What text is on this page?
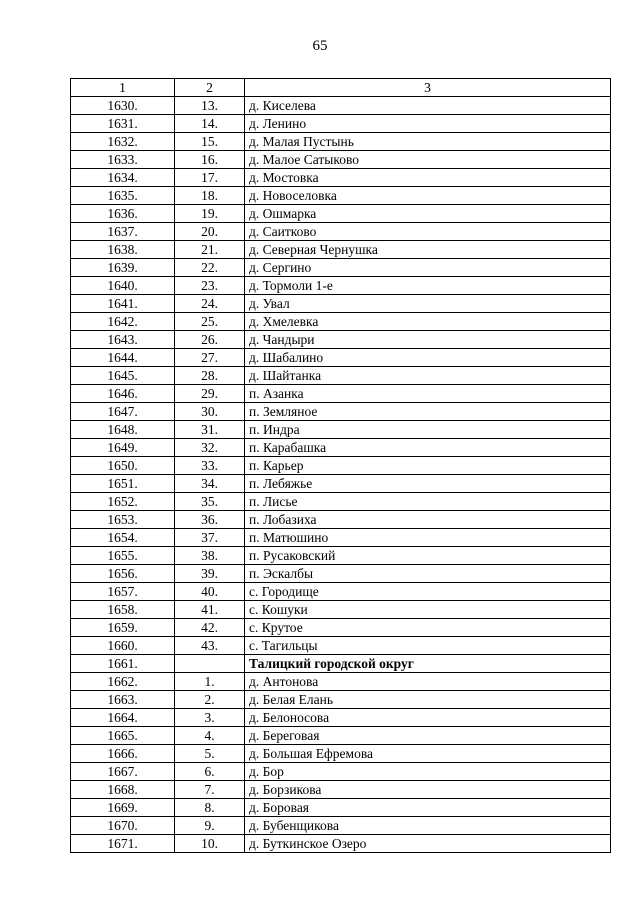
65
1	2	3
1630.	13.	д. Киселева
1631.	14.	д. Ленино
1632.	15.	д. Малая Пустынь
1633.	16.	д. Малое Сатыково
1634.	17.	д. Мостовка
1635.	18.	д. Новоселовка
1636.	19.	д. Ошмарка
1637.	20.	д. Саитково
1638.	21.	д. Северная Чернушка
1639.	22.	д. Сергино
1640.	23.	д. Тормоли 1-е
1641.	24.	д. Увал
1642.	25.	д. Хмелевка
1643.	26.	д. Чандыри
1644.	27.	д. Шабалино
1645.	28.	д. Шайтанка
1646.	29.	п. Азанка
1647.	30.	п. Земляное
1648.	31.	п. Индра
1649.	32.	п. Карабашка
1650.	33.	п. Карьер
1651.	34.	п. Лебяжье
1652.	35.	п. Лисье
1653.	36.	п. Лобазиха
1654.	37.	п. Матюшино
1655.	38.	п. Русаковский
1656.	39.	п. Эскалбы
1657.	40.	с. Городище
1658.	41.	с. Кошуки
1659.	42.	с. Крутое
1660.	43.	с. Тагильцы
1661.		Талицкий городской округ
1662.	1.	д. Антонова
1663.	2.	д. Белая Елань
1664.	3.	д. Белоносова
1665.	4.	д. Береговая
1666.	5.	д. Большая Ефремова
1667.	6.	д. Бор
1668.	7.	д. Борзикова
1669.	8.	д. Боровая
1670.	9.	д. Бубенщикова
1671.	10.	д. Буткинское Озеро
